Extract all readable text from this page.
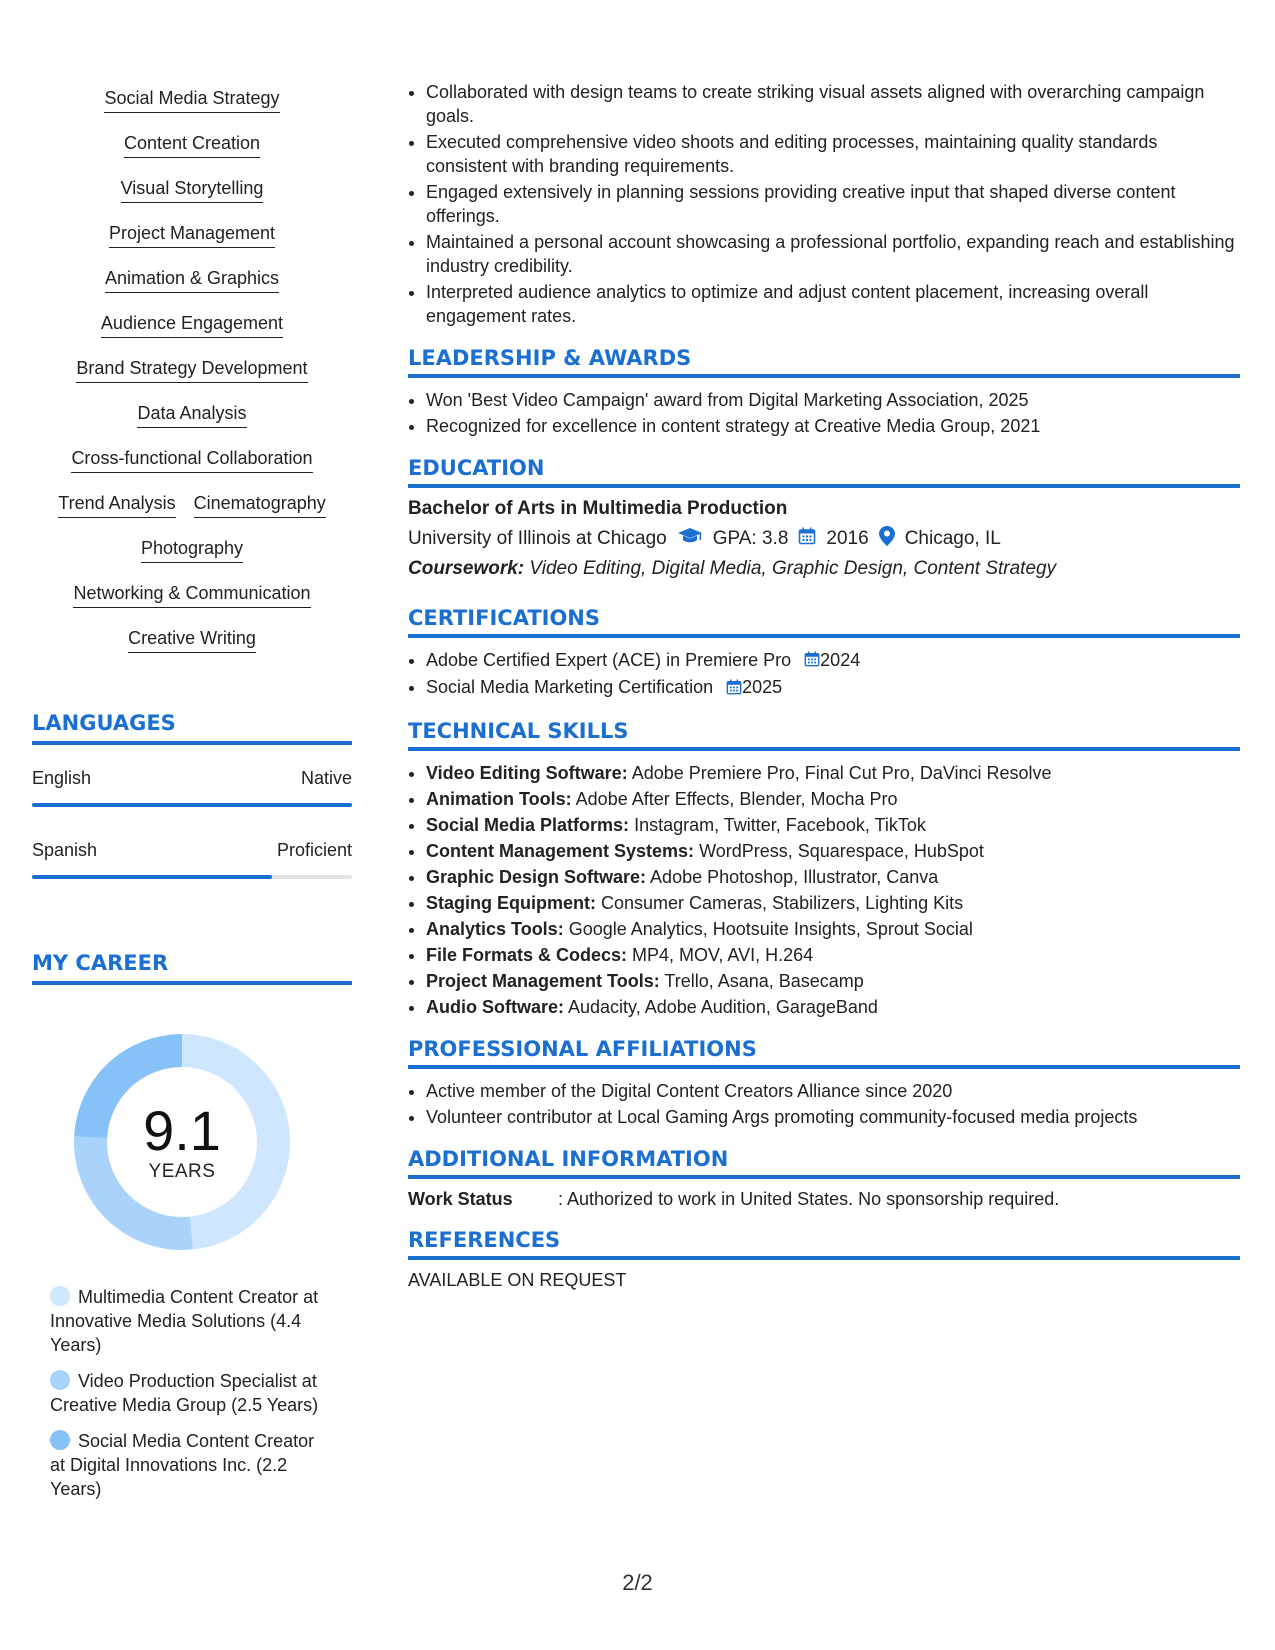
Social Media Strategy
Content Creation
Visual Storytelling
Project Management
Animation & Graphics
Audience Engagement
Brand Strategy Development
Data Analysis
Cross-functional Collaboration
Trend Analysis Cinematography
Photography
Networking & Communication
Creative Writing
LANGUAGES
English	Native
Spanish	Proficient
MY CAREER
9.1
YEARS
Multimedia Content Creator at Innovative Media Solutions (4.4 Years)
Video Production Specialist at Creative Media Group (2.5 Years)
Social Media Content Creator at Digital Innovations Inc. (2.2 Years)
• Collaborated with design teams to create striking visual assets aligned with overarching campaign goals.
• Executed comprehensive video shoots and editing processes, maintaining quality standards consistent with branding requirements.
• Engaged extensively in planning sessions providing creative input that shaped diverse content offerings.
• Maintained a personal account showcasing a professional portfolio, expanding reach and establishing industry credibility.
• Interpreted audience analytics to optimize and adjust content placement, increasing overall engagement rates.
LEADERSHIP & AWARDS
• Won 'Best Video Campaign' award from Digital Marketing Association, 2025
• Recognized for excellence in content strategy at Creative Media Group, 2021
EDUCATION
Bachelor of Arts in Multimedia Production
University of Illinois at Chicago GPA: 3.8 2016 Chicago, IL
Coursework: Video Editing, Digital Media, Graphic Design, Content Strategy
CERTIFICATIONS
• Adobe Certified Expert (ACE) in Premiere Pro 2024
• Social Media Marketing Certification 2025
TECHNICAL SKILLS
• Video Editing Software: Adobe Premiere Pro, Final Cut Pro, DaVinci Resolve
• Animation Tools: Adobe After Effects, Blender, Mocha Pro
• Social Media Platforms: Instagram, Twitter, Facebook, TikTok
• Content Management Systems: WordPress, Squarespace, HubSpot
• Graphic Design Software: Adobe Photoshop, Illustrator, Canva
• Staging Equipment: Consumer Cameras, Stabilizers, Lighting Kits
• Analytics Tools: Google Analytics, Hootsuite Insights, Sprout Social
• File Formats & Codecs: MP4, MOV, AVI, H.264
• Project Management Tools: Trello, Asana, Basecamp
• Audio Software: Audacity, Adobe Audition, GarageBand
PROFESSIONAL AFFILIATIONS
• Active member of the Digital Content Creators Alliance since 2020
• Volunteer contributor at Local Gaming Args promoting community-focused media projects
ADDITIONAL INFORMATION
Work Status	: Authorized to work in United States. No sponsorship required.
REFERENCES
AVAILABLE ON REQUEST
2/2
